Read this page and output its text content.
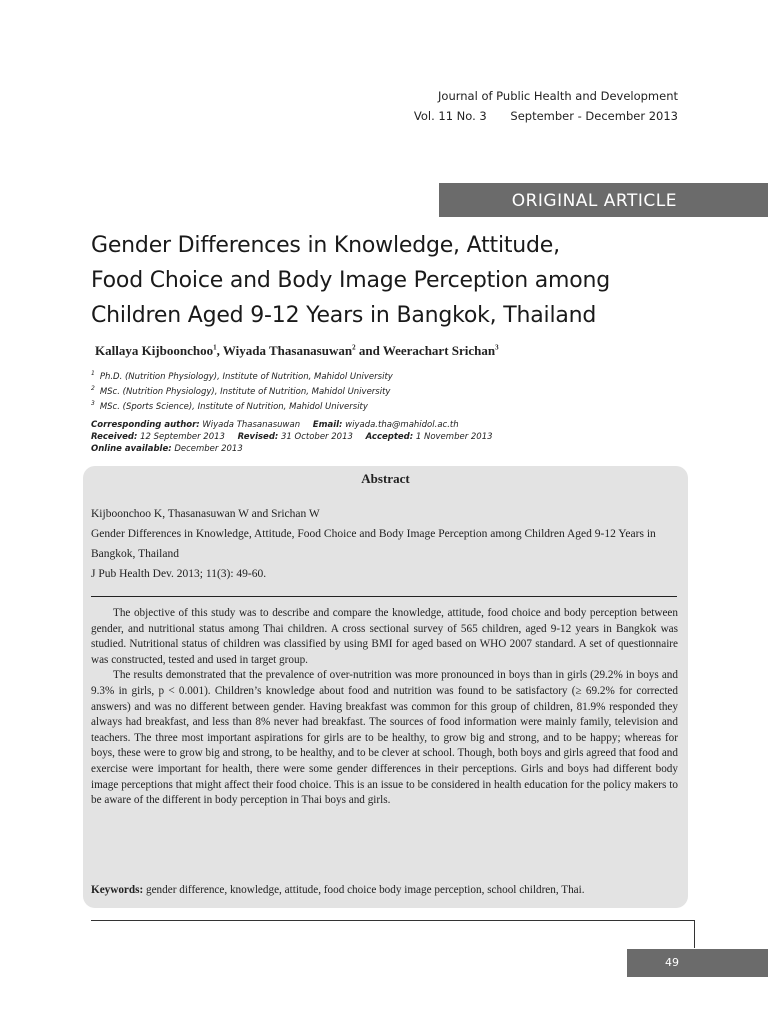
Journal of Public Health and Development
Vol. 11 No. 3 September - December 2013
ORIGINAL ARTICLE
Gender Differences in Knowledge, Attitude,
Food Choice and Body Image Perception among
Children Aged 9-12 Years in Bangkok, Thailand
Kallaya Kijboonchoo$^1$, Wiyada Thasanasuwan$^2$ and Weerachart Srichan$^3$
$^1$ Ph.D. (Nutrition Physiology), Institute of Nutrition, Mahidol University
$^2$ MSc. (Nutrition Physiology), Institute of Nutrition, Mahidol University
$^3$ MSc. (Sports Science), Institute of Nutrition, Mahidol University
Corresponding author: Wiyada Thasanasuwan Email: wiyada.tha@mahidol.ac.th
Received: 12 September 2013 Revised: 31 October 2013 Accepted: 1 November 2013
Online available: December 2013
Abstract
Kijboonchoo K, Thasanasuwan W and Srichan W
Gender Differences in Knowledge, Attitude, Food Choice and Body Image Perception among Children Aged 9-12 Years in Bangkok, Thailand
J Pub Health Dev. 2013; 11(3): 49-60.

The objective of this study was to describe and compare the knowledge, attitude, food choice and body perception between gender, and nutritional status among Thai children. A cross sectional survey of 565 children, aged 9-12 years in Bangkok was studied. Nutritional status of children was classified by using BMI for aged based on WHO 2007 standard. A set of questionnaire was constructed, tested and used in target group.

The results demonstrated that the prevalence of over-nutrition was more pronounced in boys than in girls (29.2% in boys and 9.3% in girls, p < 0.001). Children’s knowledge about food and nutrition was found to be satisfactory (≥ 69.2% for corrected answers) and was no different between gender. Having breakfast was common for this group of children, 81.9% responded they always had breakfast, and less than 8% never had breakfast. The sources of food information were mainly family, television and teachers. The three most important aspirations for girls are to be healthy, to grow big and strong, and to be happy; whereas for boys, these were to grow big and strong, to be healthy, and to be clever at school. Though, both boys and girls agreed that food and exercise were important for health, there were some gender differences in their perceptions. Girls and boys had different body image perceptions that might affect their food choice. This is an issue to be considered in health education for the policy makers to be aware of the different in body perception in Thai boys and girls.

Keywords: gender difference, knowledge, attitude, food choice body image perception, school children, Thai.
49
